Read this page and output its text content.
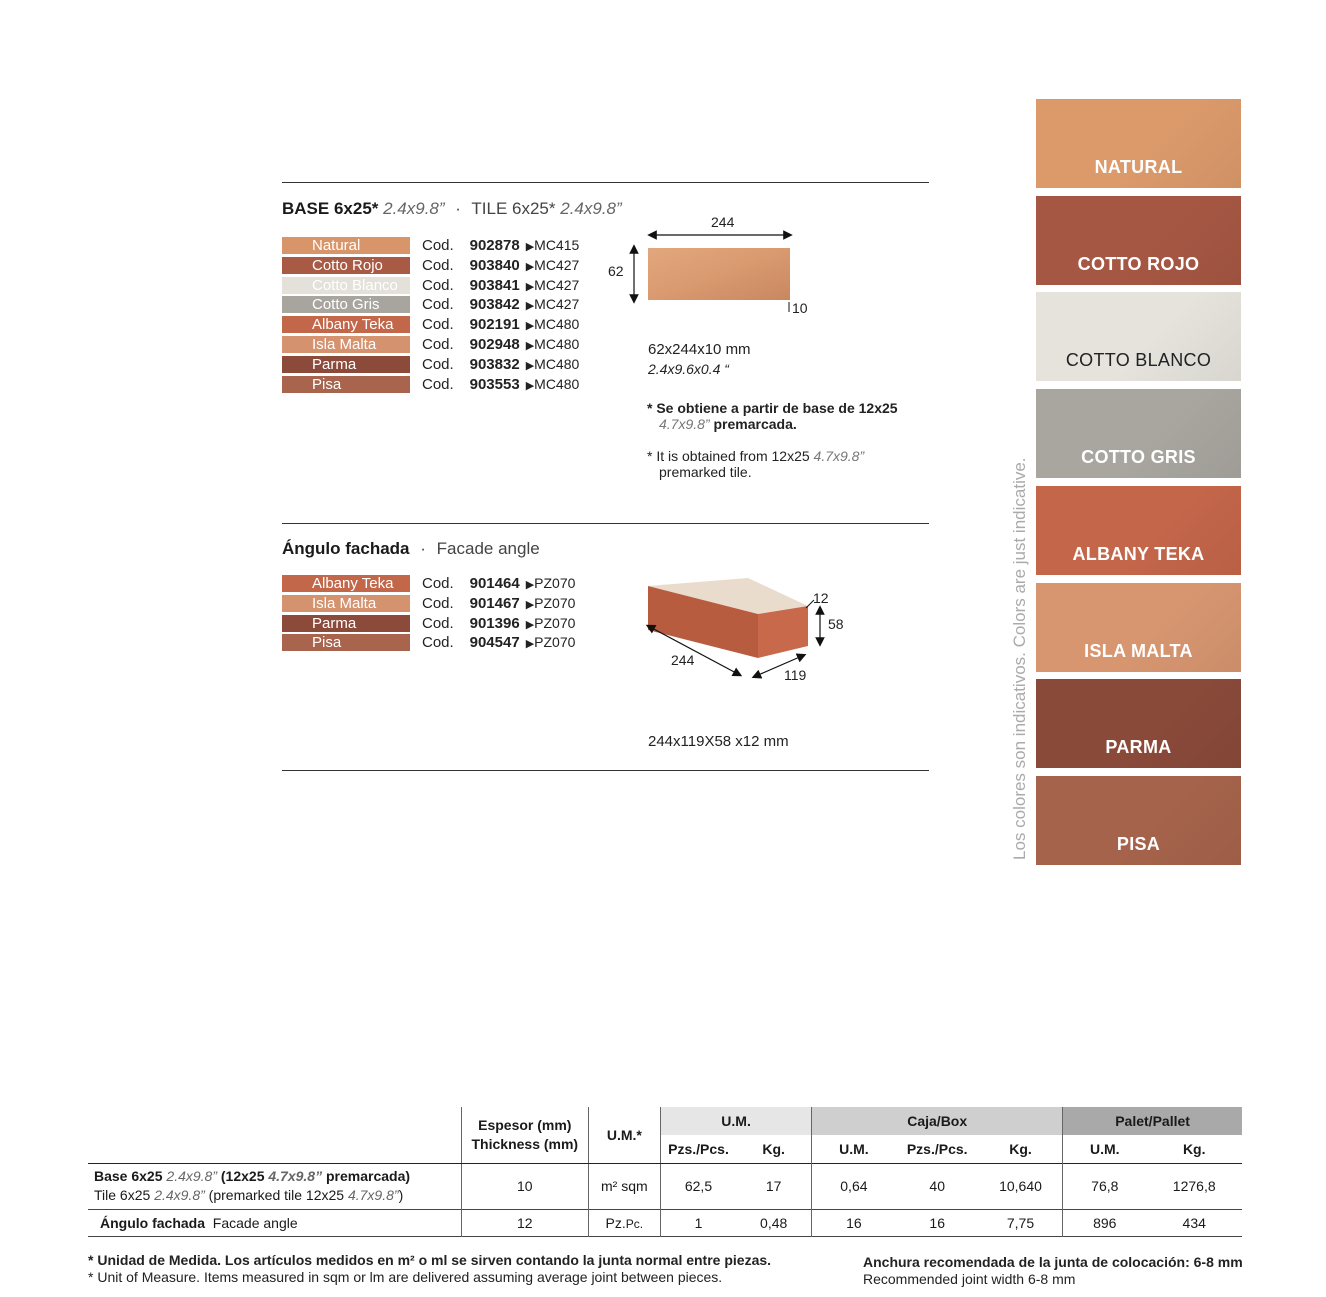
BASE 6x25* 2.4x9.8” · TILE 6x25* 2.4x9.8”
Natural	Cod. 902878 ▶MC415
Cotto Rojo	Cod. 903840 ▶MC427
Cotto Blanco	Cod. 903841 ▶MC427
Cotto Gris	Cod. 903842 ▶MC427
Albany Teka	Cod. 902191 ▶MC480
Isla Malta	Cod. 902948 ▶MC480
Parma	Cod. 903832 ▶MC480
Pisa	Cod. 903553 ▶MC480
244
62
10
62x244x10 mm
2.4x9.6x0.4 “
* Se obtiene a partir de base de 12x25
4.7x9.8” premarcada.
* It is obtained from 12x25 4.7x9.8”
premarked tile.
Ángulo fachada · Facade angle
Albany Teka	Cod. 901464 ▶PZ070
Isla Malta	Cod. 901467 ▶PZ070
Parma	Cod. 901396 ▶PZ070
Pisa	Cod. 904547 ▶PZ070
12
58
244
119
244x119X58 x12 mm
NATURAL
COTTO ROJO
COTTO BLANCO
COTTO GRIS
ALBANY TEKA
ISLA MALTA
PARMA
PISA
Los colores son indicativos. Colors are just indicative.
	Espesor (mm)
Thickness (mm)	U.M.*	U.M.		Caja/Box			Palet/Pallet	
			Pzs./Pcs.	Kg.	U.M.	Pzs./Pcs.	Kg.	U.M.	Kg.
Base 6x25 2.4x9.8” (12x25 4.7x9.8” premarcada)
Tile 6x25 2.4x9.8” (premarked tile 12x25 4.7x9.8”)	10	m² sqm	62,5	17	0,64	40	10,640	76,8	1276,8
Ángulo fachada Facade angle	12	Pz.Pc.	1	0,48	16	16	7,75	896	434
* Unidad de Medida. Los artículos medidos en m² o ml se sirven contando la junta normal entre piezas.
* Unit of Measure. Items measured in sqm or lm are delivered assuming average joint between pieces.
Anchura recomendada de la junta de colocación: 6-8 mm
Recommended joint width 6-8 mm
